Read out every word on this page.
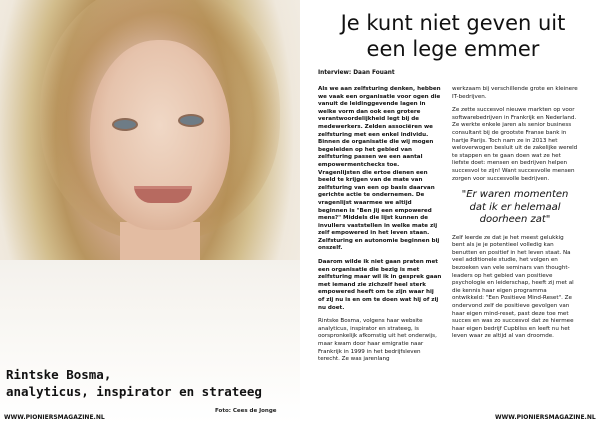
Rintske Bosma,
analyticus, inspirator en strateeg
Foto: Cees de Jonge
WWW.PIONIERSMAGAZINE.NL
Je kunt niet geven uit
een lege emmer
Interview: Daan Fouant

Als we aan zelfsturing denken, hebben we vaak een organisatie voor ogen die vanuit de leidinggevende lagen in welke vorm dan ook een grotere verantwoordelijkheid legt bij de medewerkers. Zelden associëren we zelfsturing met een enkel individu. Binnen de organisatie die wij mogen begeleiden op het gebied van zelfsturing passen we een aantal empowermentchecks toe. Vragenlijsten die ertoe dienen een beeld te krijgen van de mate van zelfsturing van een op basis daarvan gerichte actie te ondernemen. De vragenlijst waarmee we altijd beginnen is "Ben jij een empowered mens?" Middels die lijst kunnen de invullers vaststellen in welke mate zij zelf empowered in het leven staan. Zelfsturing en autonomie beginnen bij onszelf.

Daarom wilde ik niet gaan praten met een organisatie die bezig is met zelfsturing maar wil ik in gesprek gaan met iemand zie zichzelf heel sterk empowered heeft om te zijn waar hij of zij nu is en om te doen wat hij of zij nu doet.

Rintske Bosma, volgens haar website analyticus, inspirator en strateeg, is oorspronkelijk afkomstig uit het onderwijs, maar kwam door haar emigratie naar Frankrijk in 1999 in het bedrijfsleven terecht. Ze was jarenlang

werkzaam bij verschillende grote en kleinere IT-bedrijven.

Ze zette succesvol nieuwe markten op voor softwarebedrijven in Frankrijk en Nederland. Ze werkte enkele jaren als senior business consultant bij de grootste Franse bank in hartje Parijs. Toch nam ze in 2013 het weloverwogen besluit uit de zakelijke wereld te stappen en te gaan doen wat ze het liefste doet: mensen en bedrijven helpen succesvol te zijn! Want succesvolle mensen zorgen voor succesvolle bedrijven.

"Er waren momenten
dat ik er helemaal
doorheen zat"

Zelf leerde ze dat je het meest gelukkig bent als je je potentieel volledig kan benutten en positief in het leven staat. Na veel additionele studie, het volgen en bezoeken van vele seminars van thought-leaders op het gebied van positieve psychologie en leiderschap, heeft zij met al die kennis haar eigen programma ontwikkeld: "Een Positieve Mind-Reset". Ze ondervond zelf de positieve gevolgen van haar eigen mind-reset, past deze toe met succes en was zo succesvol dat ze hiermee haar eigen bedrijf Cupbliss en leeft nu het leven waar ze altijd al van droomde.

WWW.PIONIERSMAGAZINE.NL
